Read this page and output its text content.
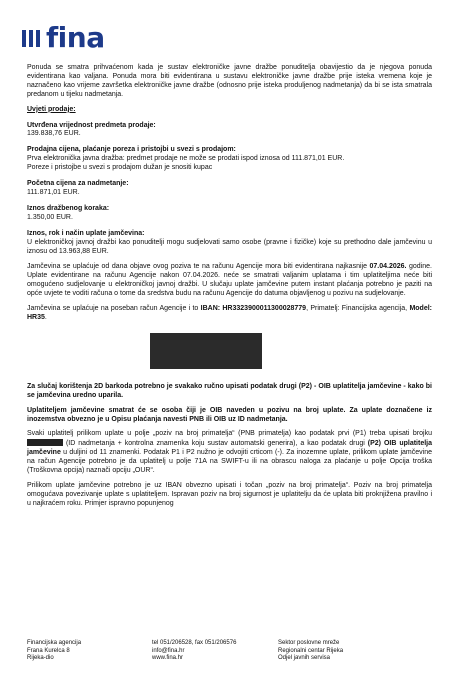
fina

Ponuda se smatra prihvaćenom kada je sustav elektroničke javne dražbe ponuditelja obavijestio da je njegova ponuda evidentirana kao valjana. Ponuda mora biti evidentirana u sustavu elektroničke javne dražbe prije isteka vremena koje je naznačeno kao vrijeme završetka elektroničke javne dražbe (odnosno prije isteka produljenog nadmetanja) da bi se ista smatrala predanom u tijeku nadmetanja.

Uvjeti prodaje:
Utvrđena vrijednost predmeta prodaje:
139.838,76 EUR.
Prodajna cijena, plaćanje poreza i pristojbi u svezi s prodajom:
Prva elektronička javna dražba: predmet prodaje ne može se prodati ispod iznosa od 111.871,01 EUR.
Poreze i pristojbe u svezi s prodajom dužan je snositi kupac
Početna cijena za nadmetanje:
111.871,01 EUR.
Iznos dražbenog koraka:
1.350,00 EUR.
Iznos, rok i način uplate jamčevina:
U elektroničkoj javnoj dražbi kao ponuditelji mogu sudjelovati samo osobe (pravne i fizičke) koje su prethodno dale jamčevinu u iznosu od 13.963,88 EUR.

Jamčevina se uplaćuje od dana objave ovog poziva te na računu Agencije mora biti evidentirana najkasnije 07.04.2026. godine. Uplate evidentirane na računu Agencije nakon 07.04.2026. neće se smatrati valjanim uplatama i tim uplatiteljima neće biti omogućeno sudjelovanje u elektroničkoj javnoj dražbi. U slučaju uplate jamčevine putem instant plaćanja potrebno je paziti na opće uvjete te voditi računa o tome da sredstva budu na računu Agencije do datuma objavljenog u pozivu na sudjelovanje.

Jamčevina se uplaćuje na poseban račun Agencije i to IBAN: HR3323900011300028779, Primatelj: Financijska agencija, Model: HR35.

Za slučaj korištenja 2D barkoda potrebno je svakako ručno upisati podatak drugi (P2) - OIB uplatitelja jamčevine - kako bi se jamčevina uredno uparila.

Uplatiteljem jamčevine smatrat će se osoba čiji je OIB naveden u pozivu na broj uplate. Za uplate doznačene iz inozemstva obvezno je u Opisu plaćanja navesti PNB ili OIB uz ID nadmetanja.

Svaki uplatitelj prilikom uplate u polje „poziv na broj primatelja“ (PNB primatelja) kao podatak prvi (P1) treba upisati brojku  (ID nadmetanja + kontrolna znamenka koju sustav automatski generira), a kao podatak drugi (P2) OIB uplatitelja jamčevine u duljini od 11 znamenki. Podatak P1 i P2 nužno je odvojiti crticom (-). Za inozemne uplate, prilikom uplate jamčevine na račun Agencije potrebno je da uplatitelj u polje 71A na SWIFT-u ili na obrascu naloga za plaćanje u polje Opcija troška (Troškovna opcija) naznači opciju „OUR“.

Prilikom uplate jamčevine potrebno je uz IBAN obvezno upisati i točan „poziv na broj primatelja“. Poziv na broj primatelja omogućava povezivanje uplate s uplatiteljem. Ispravan poziv na broj sigurnost je uplatitelju da će uplata biti proknjižena pravilno i u najkraćem roku. Primjer ispravno popunjenog

Financijska agencija
Frana Kurelca 8
Rijeka-dio
tel 051/206528, fax 051/206576
info@fina.hr
www.fina.hr
Sektor poslovne mreže
Regionalni centar Rijeka
Odjel javnih servisa
